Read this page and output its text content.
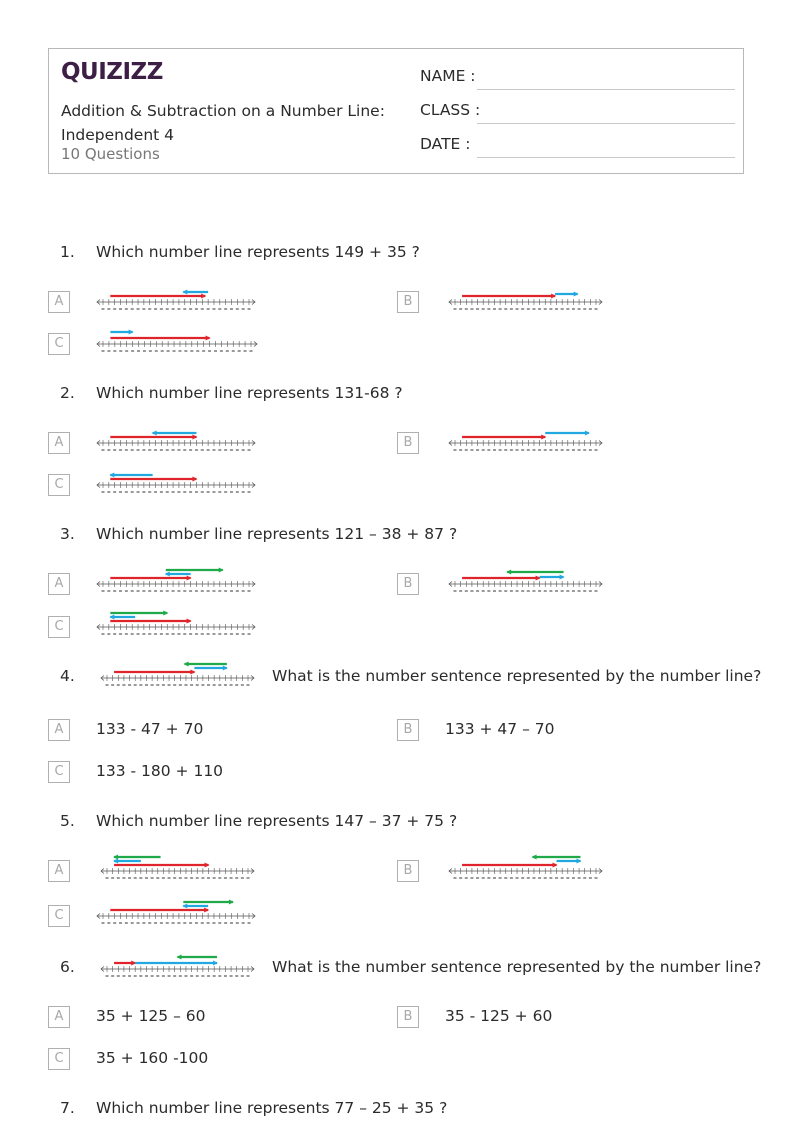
QUIZIZZ
Addition & Subtraction on a Number Line: Independent 4
10 Questions
NAME :
CLASS :
DATE :
1. Which number line represents 149 + 35 ?
A	B
C
2. Which number line represents 131-68 ?
A	B
C
3. Which number line represents 121 – 38 + 87 ?
A	B
C
4.	What is the number sentence represented by the number line?
A	133 - 47 + 70	B	133 + 47 – 70
C	133 - 180 + 110
5. Which number line represents 147 – 37 + 75 ?
A	B
C
6.	What is the number sentence represented by the number line?
A	35 + 125 – 60	B	35 - 125 + 60
C	35 + 160 -100
7. Which number line represents 77 – 25 + 35 ?
